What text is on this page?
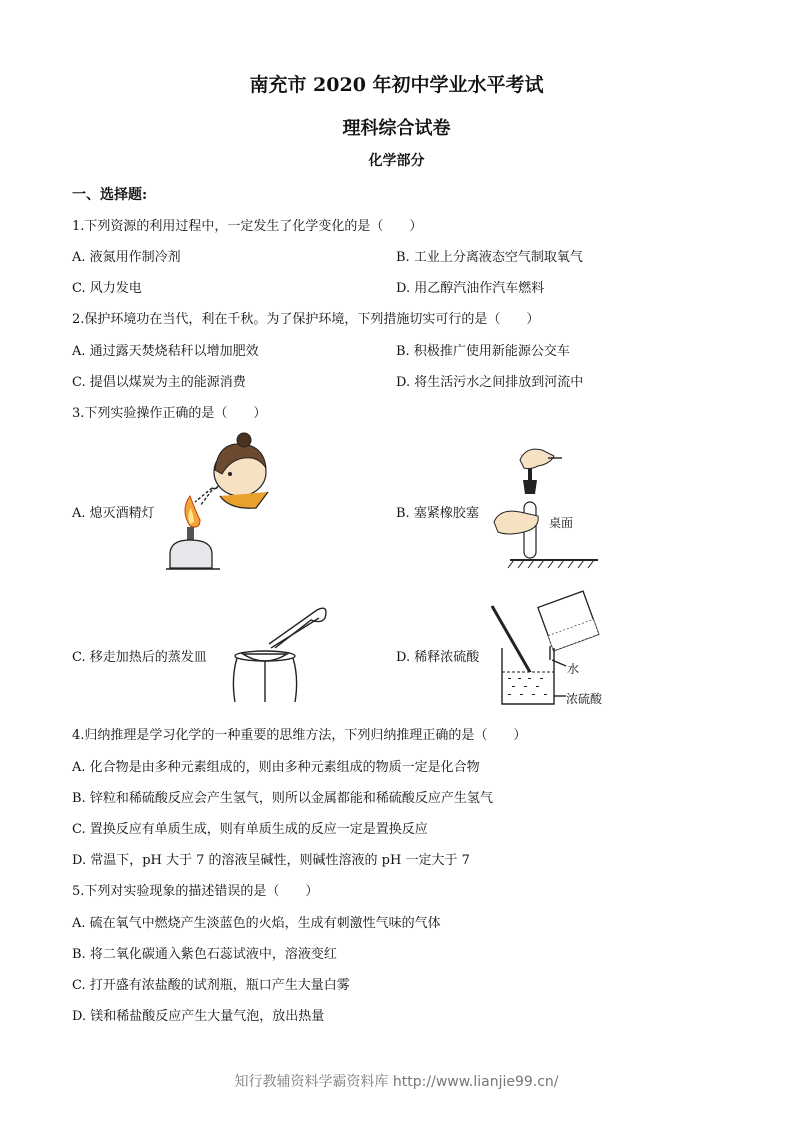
南充市 2020 年初中学业水平考试
理科综合试卷
化学部分
一、选择题:
1.下列资源的利用过程中，一定发生了化学变化的是（　　）
A. 液氮用作制冷剂	B. 工业上分离液态空气制取氧气
C. 风力发电	D. 用乙醇汽油作汽车燃料
2.保护环境功在当代，利在千秋。为了保护环境，下列措施切实可行的是（　　）
A. 通过露天焚烧秸秆以增加肥效	B. 积极推广使用新能源公交车
C. 提倡以煤炭为主的能源消费	D. 将生活污水之间排放到河流中
3.下列实验操作正确的是（　　）
A. 熄灭酒精灯
桌面
B. 塞紧橡胶塞
C. 移走加热后的蒸发皿
水
浓硫酸
D. 稀释浓硫酸
4.归纳推理是学习化学的一种重要的思维方法，下列归纳推理正确的是（　　）
A. 化合物是由多种元素组成的，则由多种元素组成的物质一定是化合物
B. 锌粒和稀硫酸反应会产生氢气，则所以金属都能和稀硫酸反应产生氢气
C. 置换反应有单质生成，则有单质生成的反应一定是置换反应
D. 常温下，pH 大于 7 的溶液呈碱性，则碱性溶液的 pH 一定大于 7
5.下列对实验现象的描述错误的是（　　）
A. 硫在氧气中燃烧产生淡蓝色的火焰，生成有刺激性气味的气体
B. 将二氧化碳通入紫色石蕊试液中，溶液变红
C. 打开盛有浓盐酸的试剂瓶，瓶口产生大量白雾
D. 镁和稀盐酸反应产生大量气泡，放出热量
知行教辅资料学霸资料库 http://www.lianjie99.cn/
